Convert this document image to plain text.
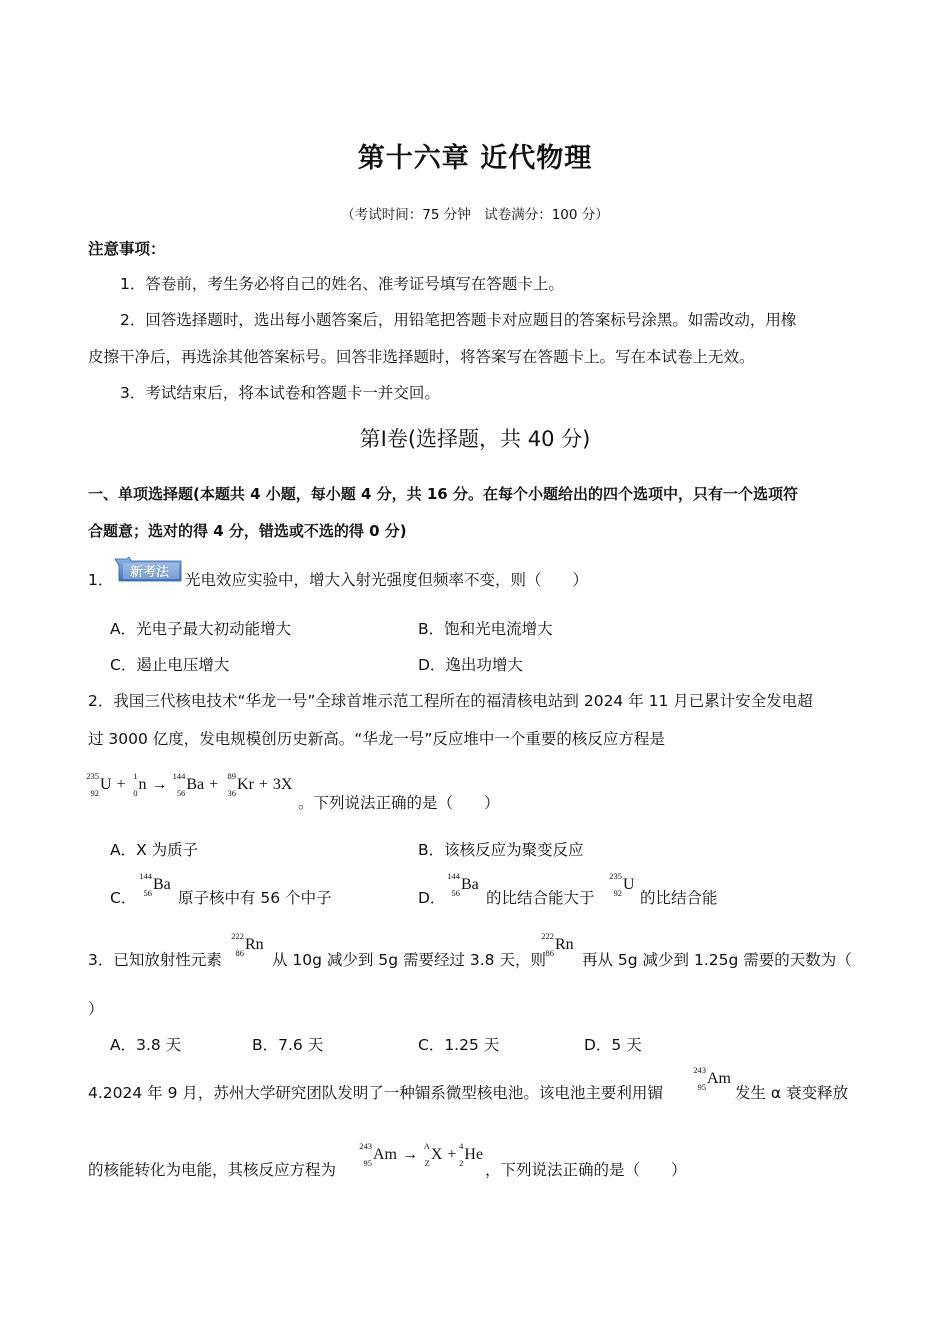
第十六章 近代物理
（考试时间：75 分钟　试卷满分：100 分）
注意事项：
1．答卷前，考生务必将自己的姓名、准考证号填写在答题卡上。
2．回答选择题时，选出每小题答案后，用铅笔把答题卡对应题目的答案标号涂黑。如需改动，用橡
皮擦干净后，再选涂其他答案标号。回答非选择题时，将答案写在答题卡上。写在本试卷上无效。
3．考试结束后，将本试卷和答题卡一并交回。
第Ⅰ卷(选择题，共 40 分)
一、单项选择题(本题共 4 小题，每小题 4 分，共 16 分。在每个小题给出的四个选项中，只有一个选项符
合题意；选对的得 4 分，错选或不选的得 0 分)
1． 新考法 光电效应实验中，增大入射光强度但频率不变，则（　　）
A．光电子最大初动能增大	B．饱和光电流增大
C．遏止电压增大	D．逸出功增大
2．我国三代核电技术“华龙一号”全球首堆示范工程所在的福清核电站到 2024 年 11 月已累计安全发电超
过 3000 亿度，发电规模创历史新高。“华龙一号”反应堆中一个重要的核反应方程是
235
92 U + 1
0 n → 144
56 Ba + 89
36 Kr + 3X
。下列说法正确的是（　　）
A．X 为质子	B．该核反应为聚变反应
C．
144
56 Ba
原子核中有 56 个中子	D．
144
56 Ba
的比结合能大于
235
92 U
的比结合能
3．已知放射性元素
222
86 Rn
从 10g 减少到 5g 需要经过 3.8 天，则
222
86 Rn
再从 5g 减少到 1.25g 需要的天数为（
）
A．3.8 天	B．7.6 天	C．1.25 天	D．5 天
4.2024 年 9 月，苏州大学研究团队发明了一种镅系微型核电池。该电池主要利用镅
243
95 Am
发生 α 衰变释放
的核能转化为电能，其核反应方程为
243
95 Am → A
Z X + 4
2 He
，下列说法正确的是（　　）
